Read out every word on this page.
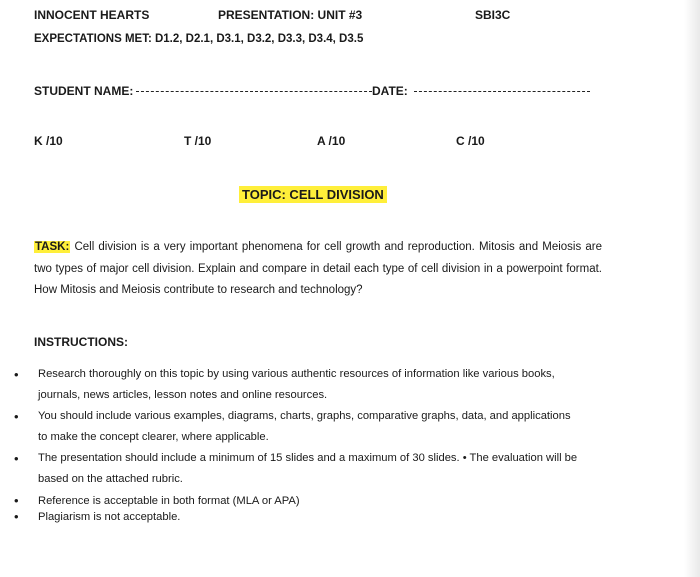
INNOCENT HEARTS	PRESENTATION: UNIT #3	SBI3C
EXPECTATIONS MET: D1.2, D2.1, D3.1, D3.2, D3.3, D3.4, D3.5
STUDENT NAME:	DATE:
K /10	T /10	A /10	C /10
TOPIC: CELL DIVISION
TASK: Cell division is a very important phenomena for cell growth and reproduction. Mitosis and Meiosis are two types of major cell division. Explain and compare in detail each type of cell division in a powerpoint format. How Mitosis and Meiosis contribute to research and technology?
INSTRUCTIONS:
• Research thoroughly on this topic by using various authentic resources of information like various books, journals, news articles, lesson notes and online resources.
• You should include various examples, diagrams, charts, graphs, comparative graphs, data, and applications to make the concept clearer, where applicable.
• The presentation should include a minimum of 15 slides and a maximum of 30 slides. • The evaluation will be based on the attached rubric.
• Reference is acceptable in both format (MLA or APA)
• Plagiarism is not acceptable.
